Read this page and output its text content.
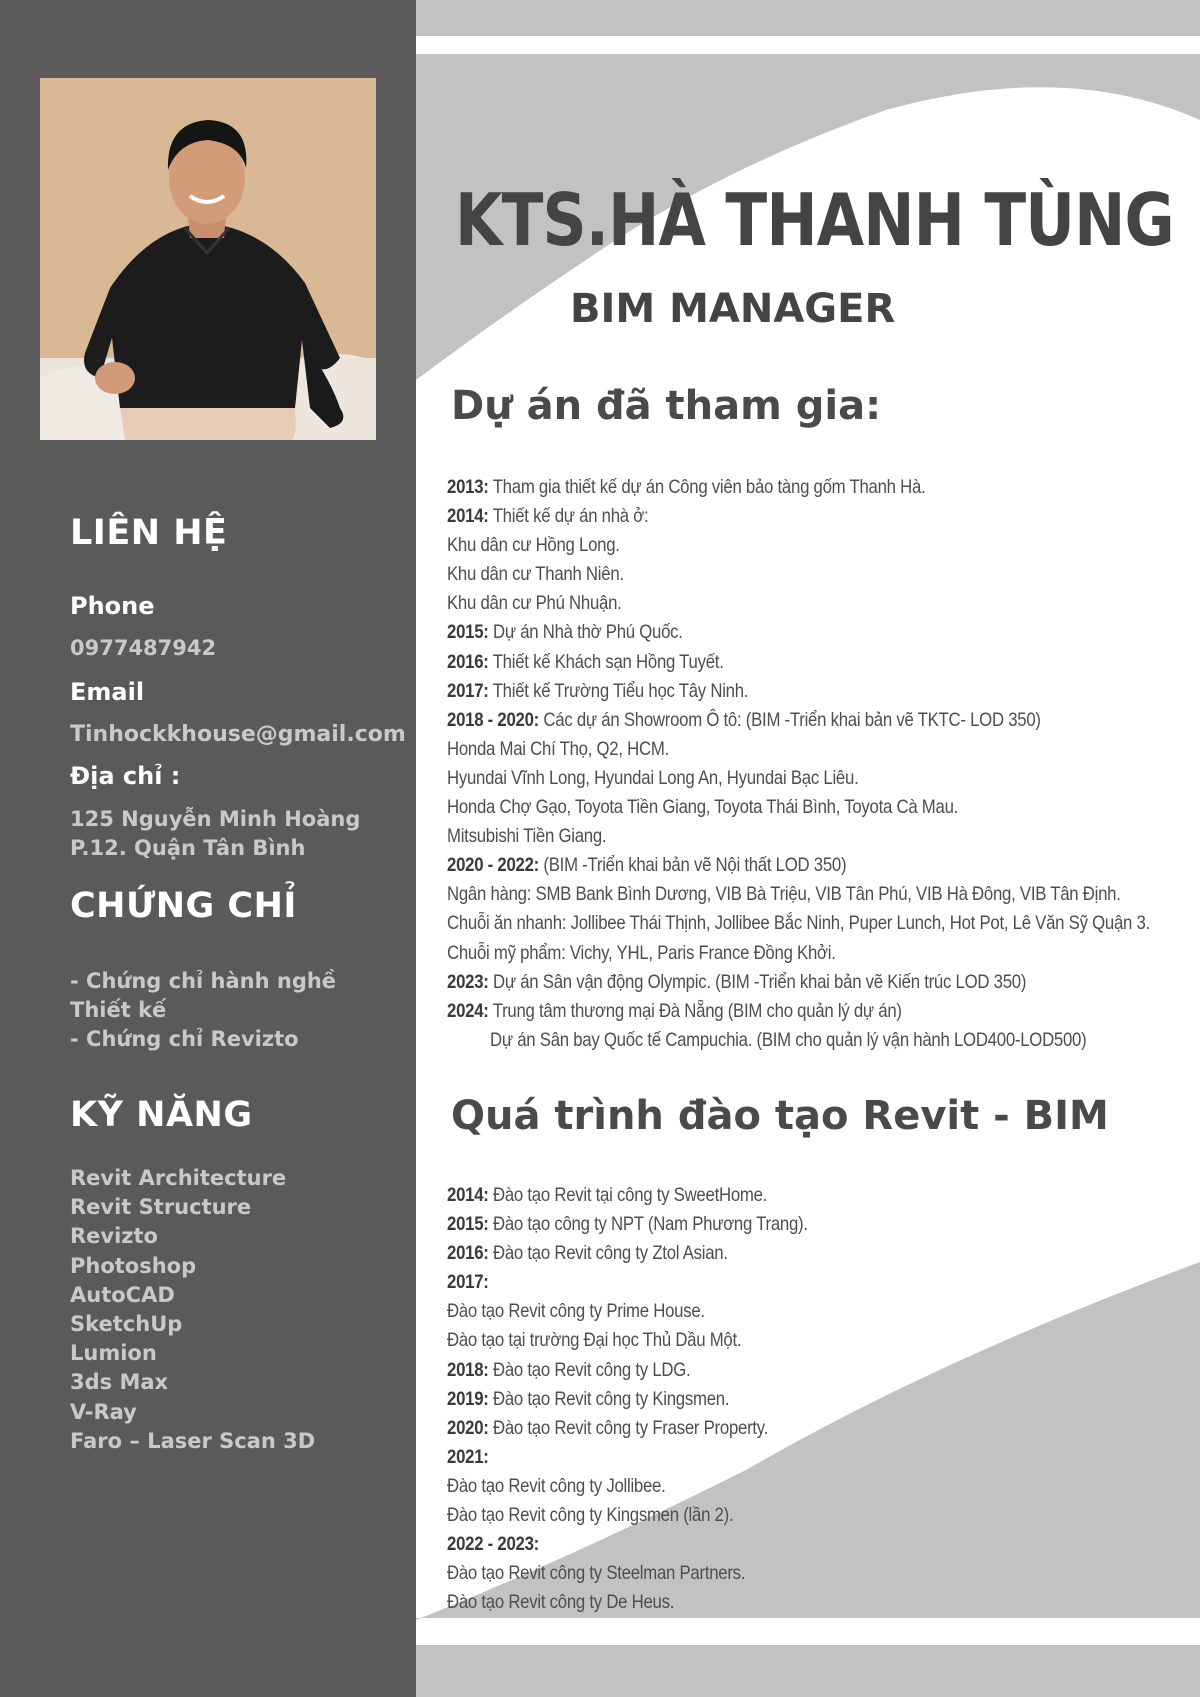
LIÊN HỆ
Phone
0977487942
Email
Tinhockkhouse@gmail.com
Địa chỉ :
125 Nguyễn Minh Hoàng
P.12. Quận Tân Bình
CHỨNG CHỈ
- Chứng chỉ hành nghề
Thiết kế
- Chứng chỉ Revizto
KỸ NĂNG
Revit Architecture
Revit Structure
Revizto
Photoshop
AutoCAD
SketchUp
Lumion
3ds Max
V-Ray
Faro – Laser Scan 3D
KTS.HÀ THANH TÙNG
BIM MANAGER
Dự án đã tham gia:
2013: Tham gia thiết kế dự án Công viên bảo tàng gốm Thanh Hà.
2014: Thiết kế dự án nhà ở:
Khu dân cư Hồng Long.
Khu dân cư Thanh Niên.
Khu dân cư Phú Nhuận.
2015: Dự án Nhà thờ Phú Quốc.
2016: Thiết kế Khách sạn Hồng Tuyết.
2017: Thiết kế Trường Tiểu học Tây Ninh.
2018 - 2020: Các dự án Showroom Ô tô: (BIM -Triển khai bản vẽ TKTC- LOD 350)
Honda Mai Chí Thọ, Q2, HCM.
Hyundai Vĩnh Long, Hyundai Long An, Hyundai Bạc Liêu.
Honda Chợ Gạo, Toyota Tiền Giang, Toyota Thái Bình, Toyota Cà Mau.
Mitsubishi Tiền Giang.
2020 - 2022: (BIM -Triển khai bản vẽ Nội thất LOD 350)
Ngân hàng: SMB Bank Bình Dương, VIB Bà Triệu, VIB Tân Phú, VIB Hà Đông, VIB Tân Định.
Chuỗi ăn nhanh: Jollibee Thái Thịnh, Jollibee Bắc Ninh, Puper Lunch, Hot Pot, Lê Văn Sỹ Quận 3.
Chuỗi mỹ phẩm: Vichy, YHL, Paris France Đồng Khởi.
2023: Dự án Sân vận động Olympic. (BIM -Triển khai bản vẽ Kiến trúc LOD 350)
2024: Trung tâm thương mại Đà Nẵng (BIM cho quản lý dự án)
Dự án Sân bay Quốc tế Campuchia. (BIM cho quản lý vận hành LOD400-LOD500)
Quá trình đào tạo Revit - BIM
2014: Đào tạo Revit tại công ty SweetHome.
2015: Đào tạo công ty NPT (Nam Phương Trang).
2016: Đào tạo Revit công ty Ztol Asian.
2017:
Đào tạo Revit công ty Prime House.
Đào tạo tại trường Đại học Thủ Dầu Một.
2018: Đào tạo Revit công ty LDG.
2019: Đào tạo Revit công ty Kingsmen.
2020: Đào tạo Revit công ty Fraser Property.
2021:
Đào tạo Revit công ty Jollibee.
Đào tạo Revit công ty Kingsmen (lần 2).
2022 - 2023:
Đào tạo Revit công ty Steelman Partners.
Đào tạo Revit công ty De Heus.
